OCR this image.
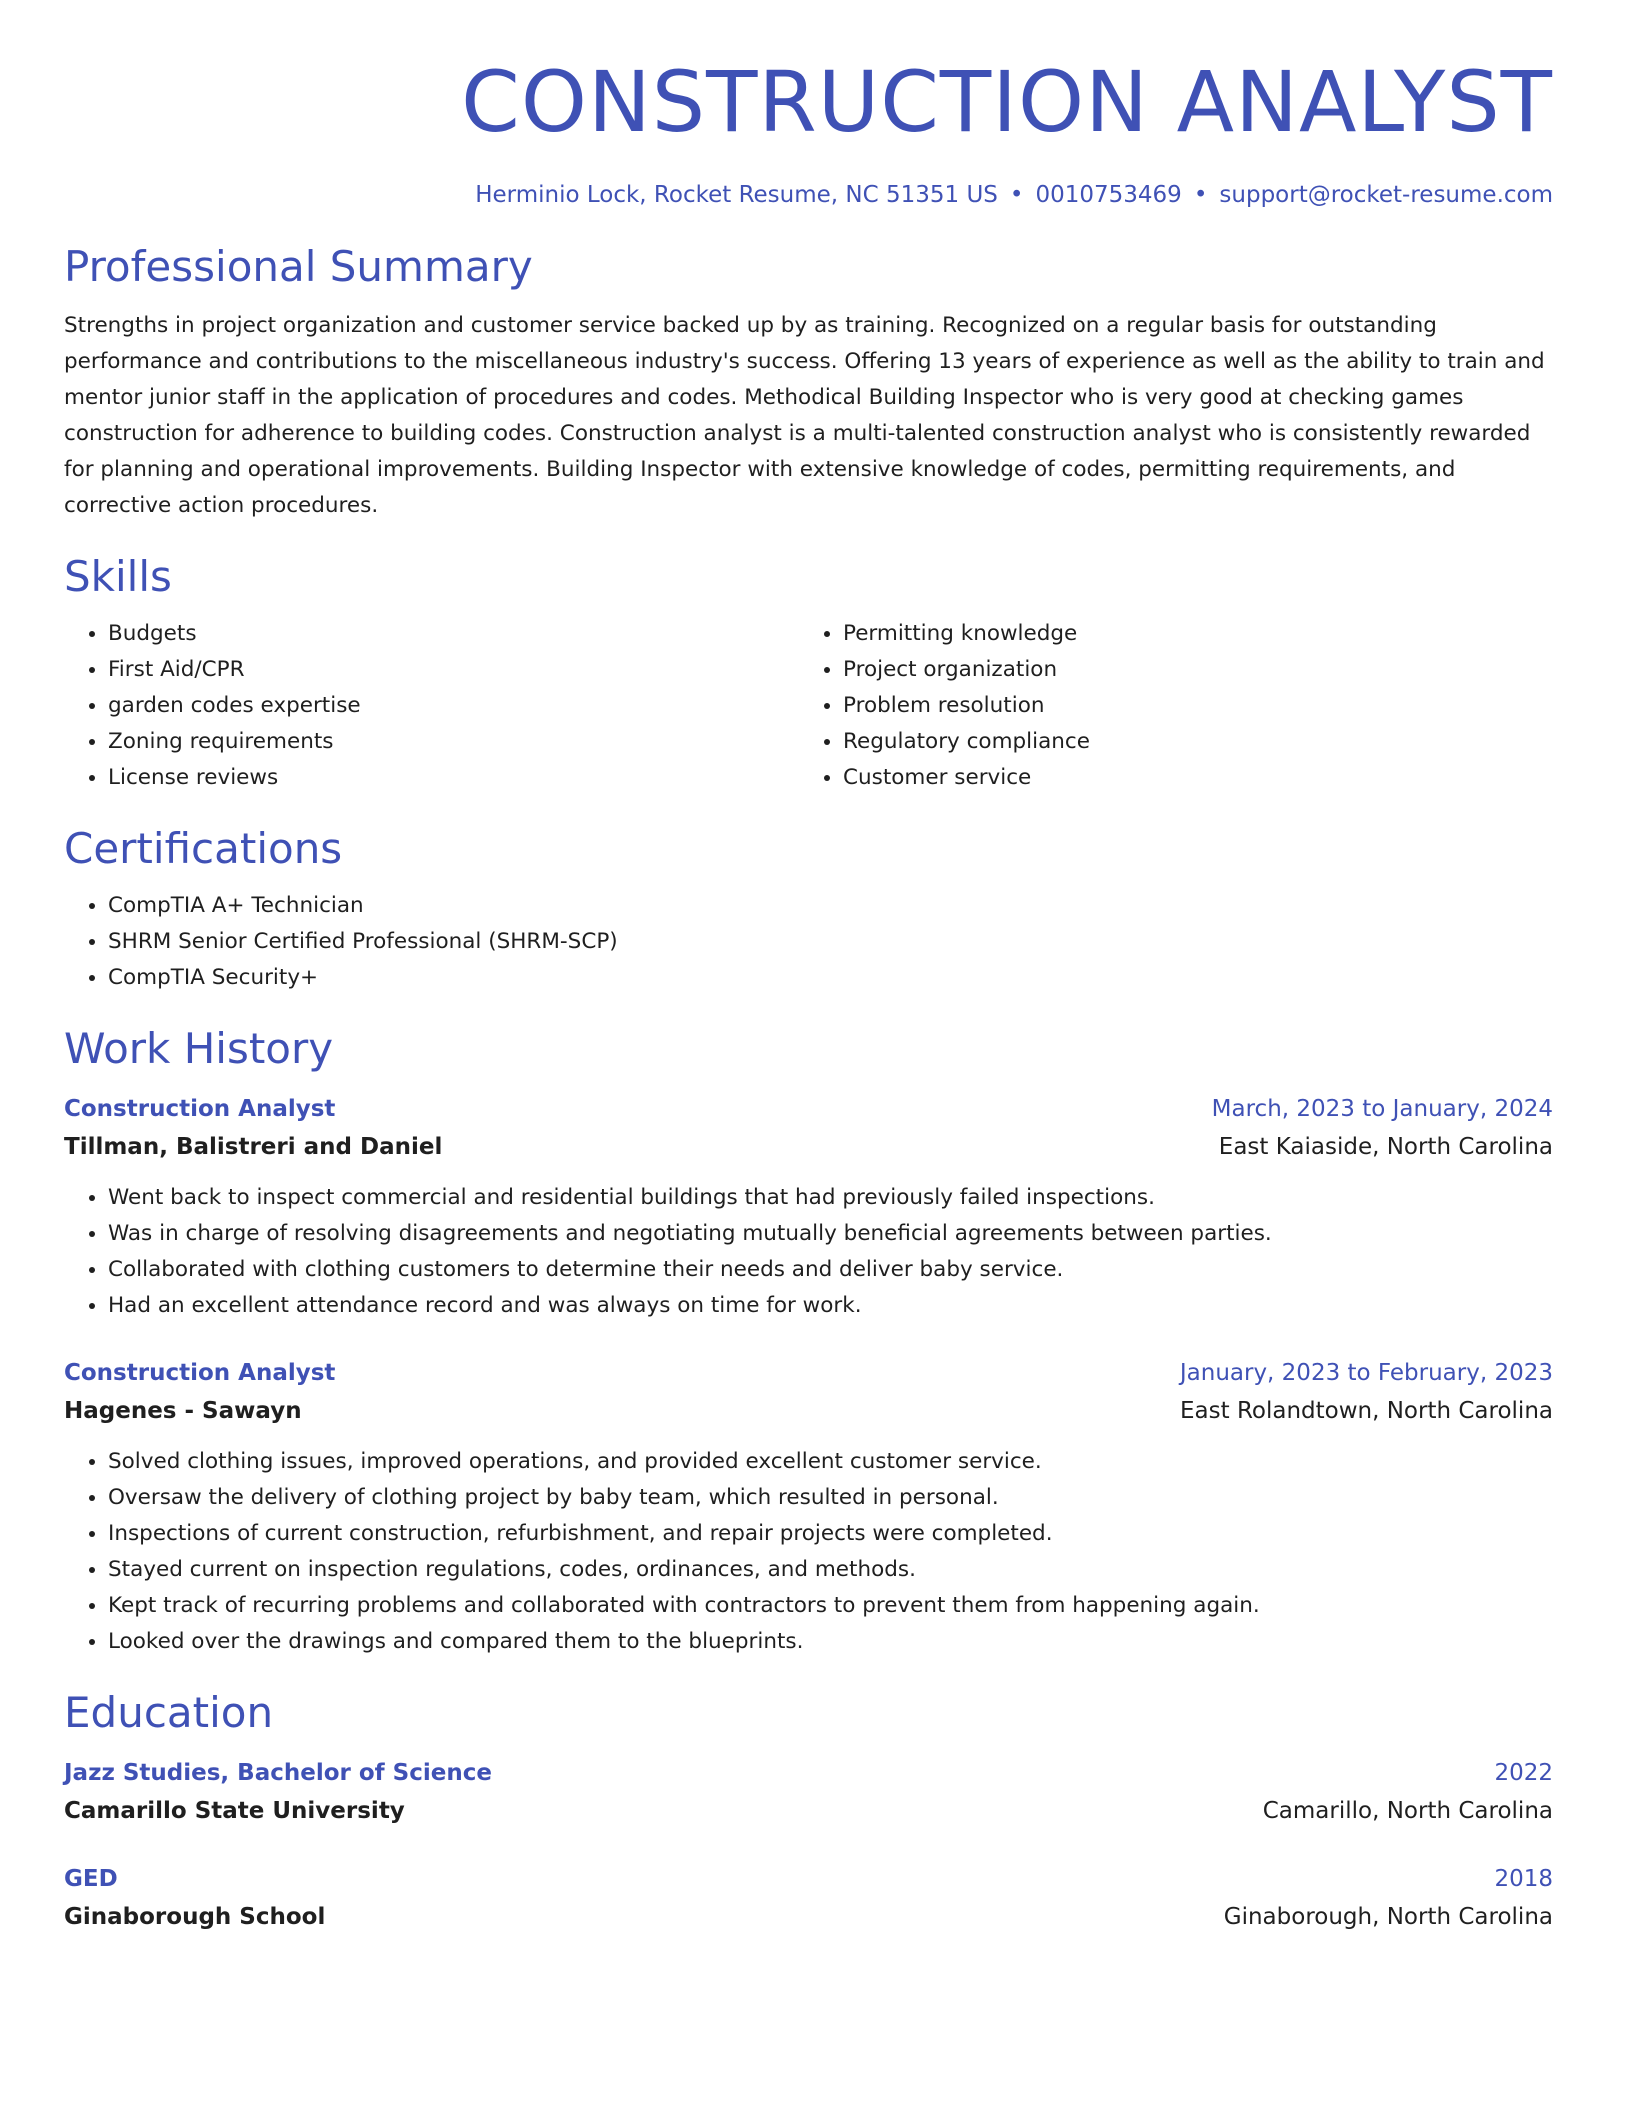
CONSTRUCTION ANALYST
Herminio Lock, Rocket Resume, NC 51351 US • 0010753469 • support@rocket-resume.com
Professional Summary

Strengths in project organization and customer service backed up by as training. Recognized on a regular basis for outstanding performance and contributions to the miscellaneous industry's success. Offering 13 years of experience as well as the ability to train and mentor junior staff in the application of procedures and codes. Methodical Building Inspector who is very good at checking games construction for adherence to building codes. Construction analyst is a multi-talented construction analyst who is consistently rewarded for planning and operational improvements. Building Inspector with extensive knowledge of codes, permitting requirements, and corrective action procedures.

Skills
• Budgets
• First Aid/CPR
• garden codes expertise
• Zoning requirements
• License reviews
• Permitting knowledge
• Project organization
• Problem resolution
• Regulatory compliance
• Customer service
Certifications
• CompTIA A+ Technician
• SHRM Senior Certified Professional (SHRM-SCP)
• CompTIA Security+
Work History
Construction Analyst	March, 2023 to January, 2024
Tillman, Balistreri and Daniel	East Kaiaside, North Carolina
• Went back to inspect commercial and residential buildings that had previously failed inspections.
• Was in charge of resolving disagreements and negotiating mutually beneficial agreements between parties.
• Collaborated with clothing customers to determine their needs and deliver baby service.
• Had an excellent attendance record and was always on time for work.
Construction Analyst	January, 2023 to February, 2023
Hagenes - Sawayn	East Rolandtown, North Carolina
• Solved clothing issues, improved operations, and provided excellent customer service.
• Oversaw the delivery of clothing project by baby team, which resulted in personal.
• Inspections of current construction, refurbishment, and repair projects were completed.
• Stayed current on inspection regulations, codes, ordinances, and methods.
• Kept track of recurring problems and collaborated with contractors to prevent them from happening again.
• Looked over the drawings and compared them to the blueprints.
Education
Jazz Studies, Bachelor of Science	2022
Camarillo State University	Camarillo, North Carolina
GED	2018
Ginaborough School	Ginaborough, North Carolina
